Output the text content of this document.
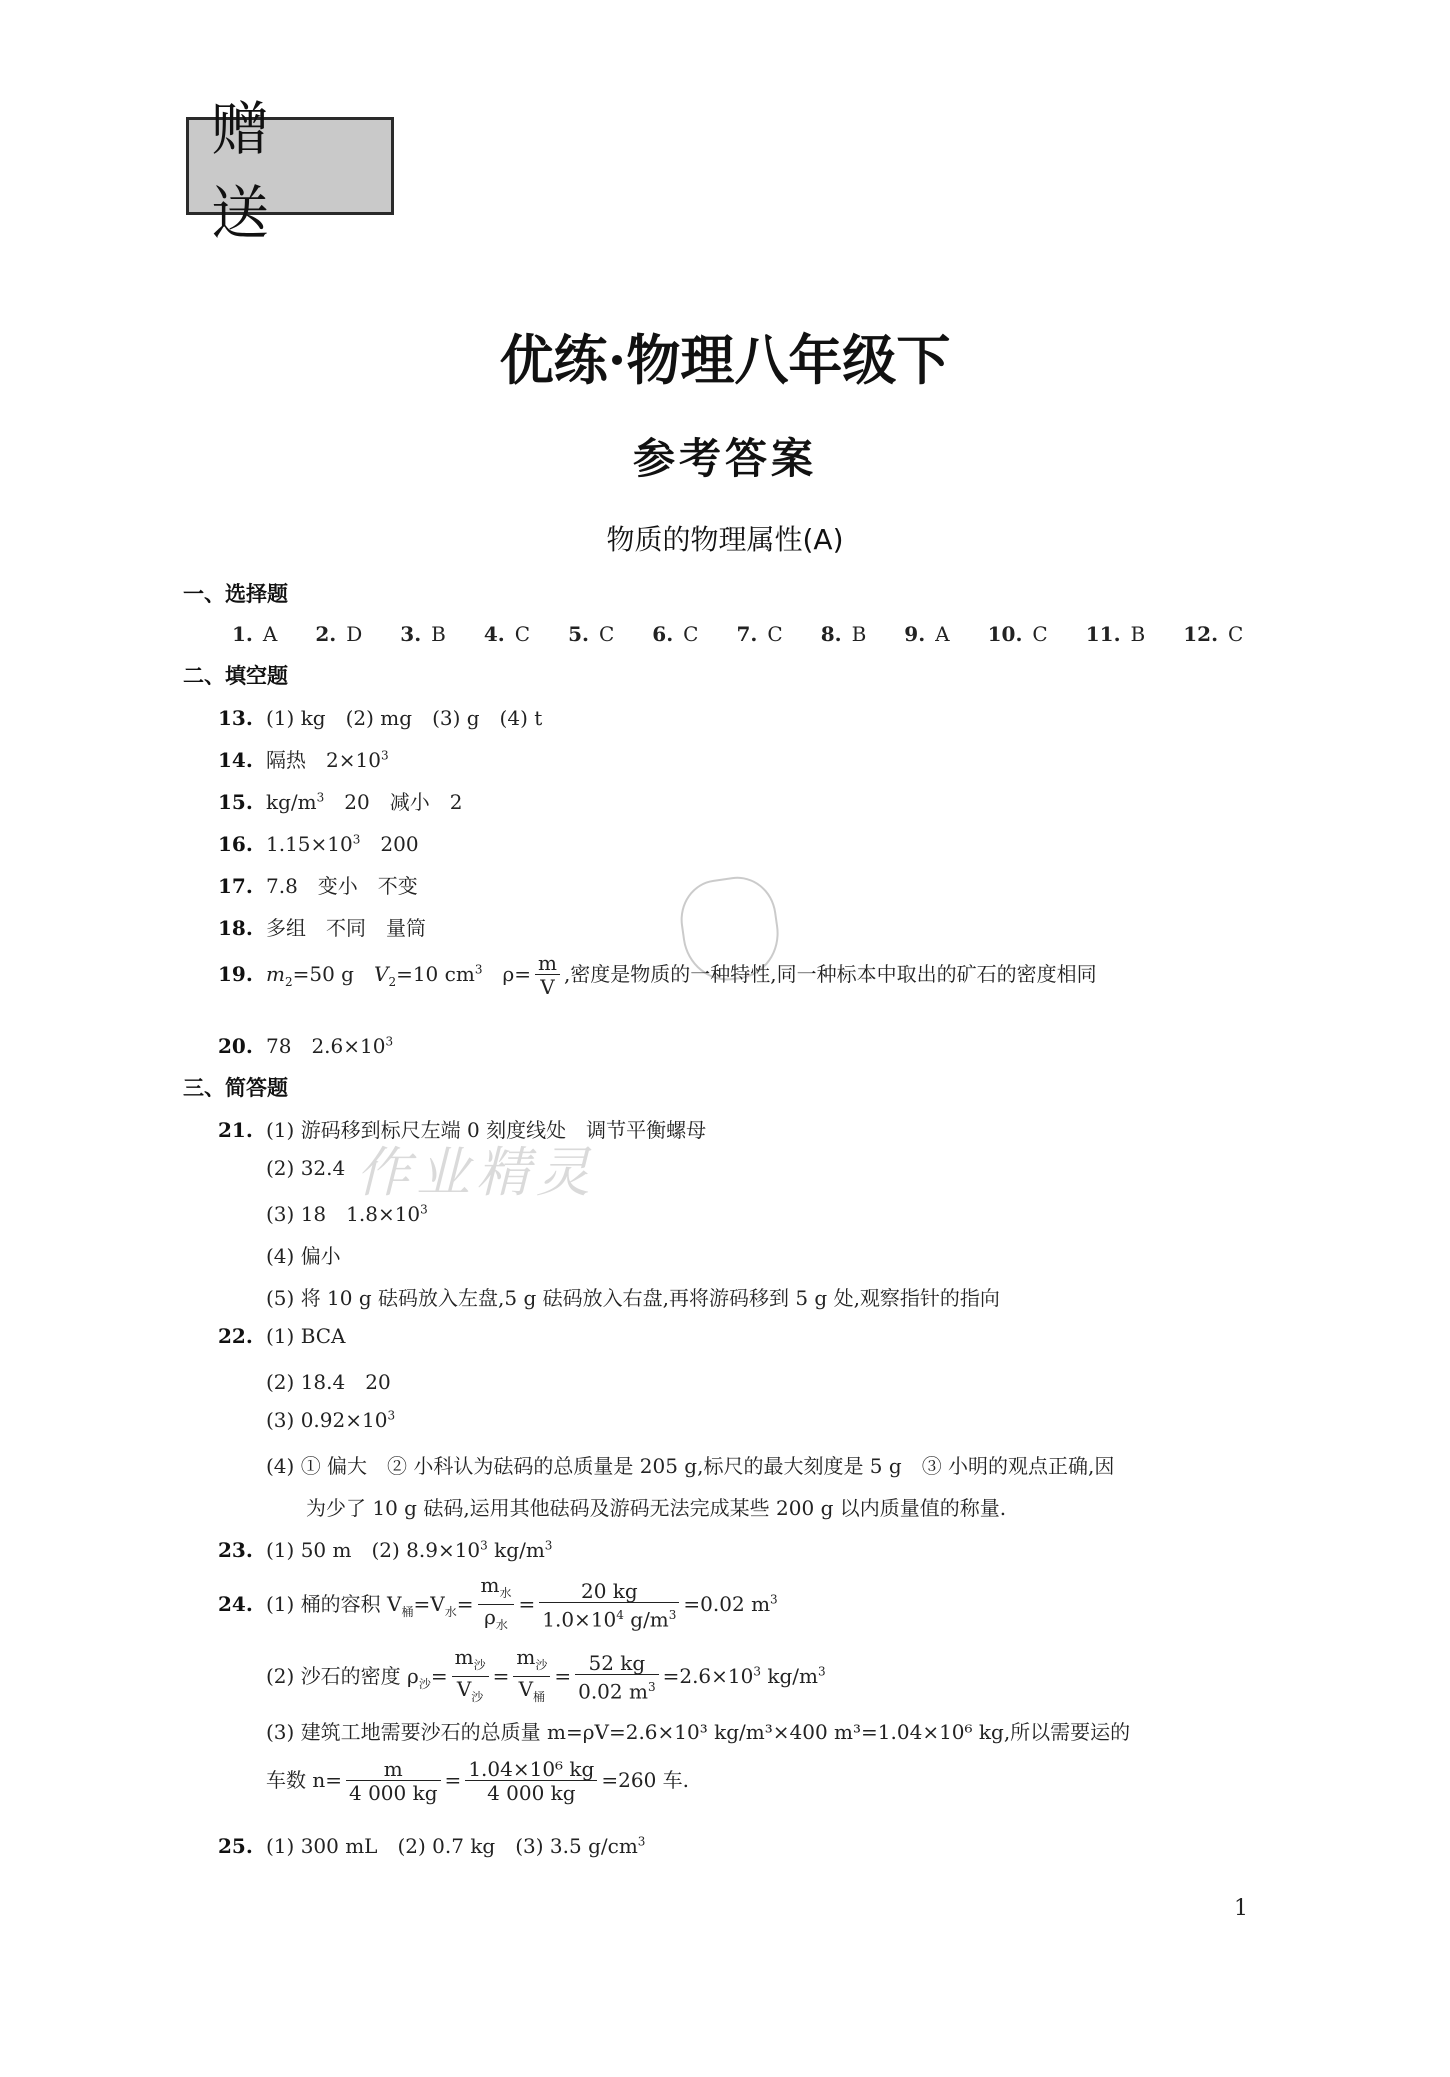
赠 送
优练·物理八年级下
参考答案
物质的物理属性(A)
作业精灵
一、选择题
1. A 2. D 3. B 4. C 5. C 6. C 7. C 8. B 9. A 10. C 11. B 12. C
二、填空题
13. (1) kg　(2) mg　(3) g　(4) t
14. 隔热　$2\times 10^3$
15. $kg/m^3$　20　减小　2
16. $1.15\times 10^3$　200
17. 7.8　变小　不变
18. 多组　不同　量筒
19. $m_2=50$ g　$V_2=10$ $cm^3$　 $\rho= \frac{m}{V}$ ,密度是物质的一种特性,同一种标本中取出的矿石的密度相同
20. 78　$2.6\times 10^3$
三、简答题
21. (1) 游码移到标尺左端 0 刻度线处　调节平衡螺母
(2) 32.4
(3) 18　$1.8\times 10^3$
(4) 偏小
(5) 将 10 g 砝码放入左盘,5 g 砝码放入右盘,再将游码移到 5 g 处,观察指针的指向
22. (1) BCA
(2) 18.4　20
(3) $0.92\times 10^3$
(4) ① 偏大　② 小科认为砝码的总质量是 205 g,标尺的最大刻度是 5 g　③ 小明的观点正确,因
为少了 10 g 砝码,运用其他砝码及游码无法完成某些 200 g 以内质量值的称量.
23. (1) 50 m　(2) $8.9\times 10^3$ $kg/m^3$
24. (1) 桶的容积 $V_桶=V_水= \frac{m_水}{\rho_水} = \frac{20 kg}{1.0\times 10^4 g/m^3} =0.02$ $m^3$
(2) 沙石的密度 $\rho_沙= \frac{m_沙}{V_沙} = \frac{m_沙}{V_桶} = \frac{52 kg}{0.02 m^3} =2.6\times 10^3$ $kg/m^3$
(3) 建筑工地需要沙石的总质量 m=ρV=2.6×10³ kg/m³×400 m³=1.04×10⁶ kg,所以需要运的
车数 $n= \frac{m}{4 000 kg} = \frac{\text{1.04×10⁶ kg}}{4 000 kg} =260$ 车.
25. (1) 300 mL　(2) 0.7 kg　(3) 3.5 $g/cm^3$
1
